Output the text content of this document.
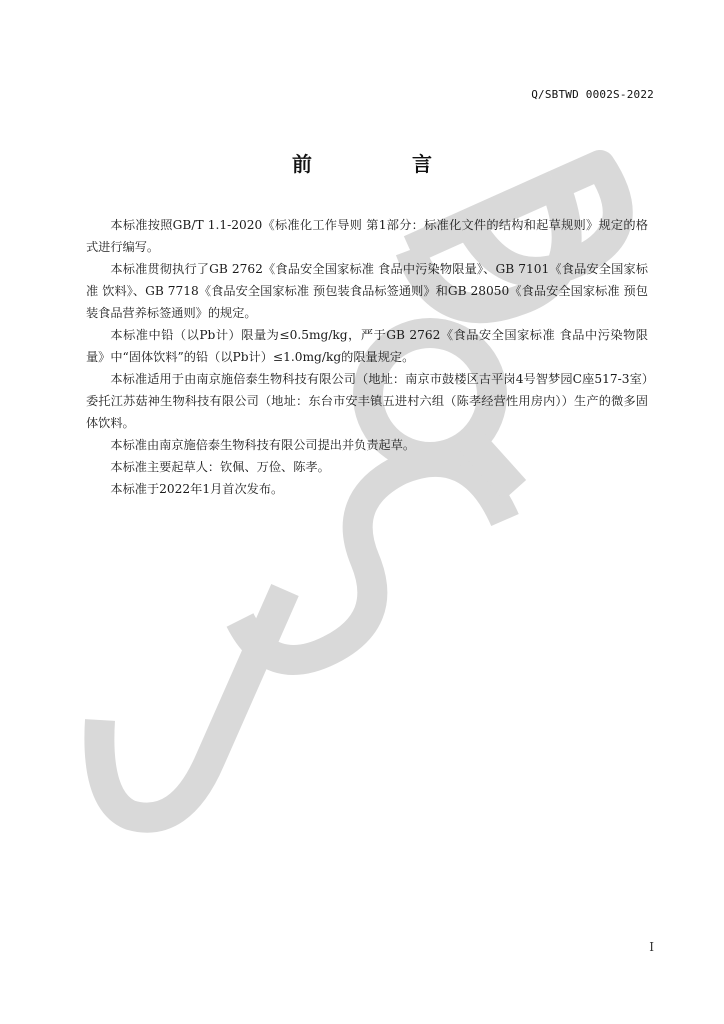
Q/SBTWD 0002S-2022
前　言

本标准按照GB/T 1.1-2020《标准化工作导则 第1部分：标准化文件的结构和起草规则》规定的格式进行编写。

本标准贯彻执行了GB 2762《食品安全国家标准 食品中污染物限量》、GB 7101《食品安全国家标准 饮料》、GB 7718《食品安全国家标准 预包装食品标签通则》和GB 28050《食品安全国家标准 预包装食品营养标签通则》的规定。

本标准中铅（以Pb计）限量为≤0.5mg/kg，严于GB 2762《食品安全国家标准 食品中污染物限量》中“固体饮料”的铅（以Pb计）≤1.0mg/kg的限量规定。

本标准适用于由南京施倍泰生物科技有限公司（地址：南京市鼓楼区古平岗4号智梦园C座517-3室）委托江苏菇神生物科技有限公司（地址：东台市安丰镇五进村六组（陈孝经营性用房内））生产的微多固体饮料。

本标准由南京施倍泰生物科技有限公司提出并负责起草。

本标准主要起草人：钦佩、万俭、陈孝。

本标准于2022年1月首次发布。

I
